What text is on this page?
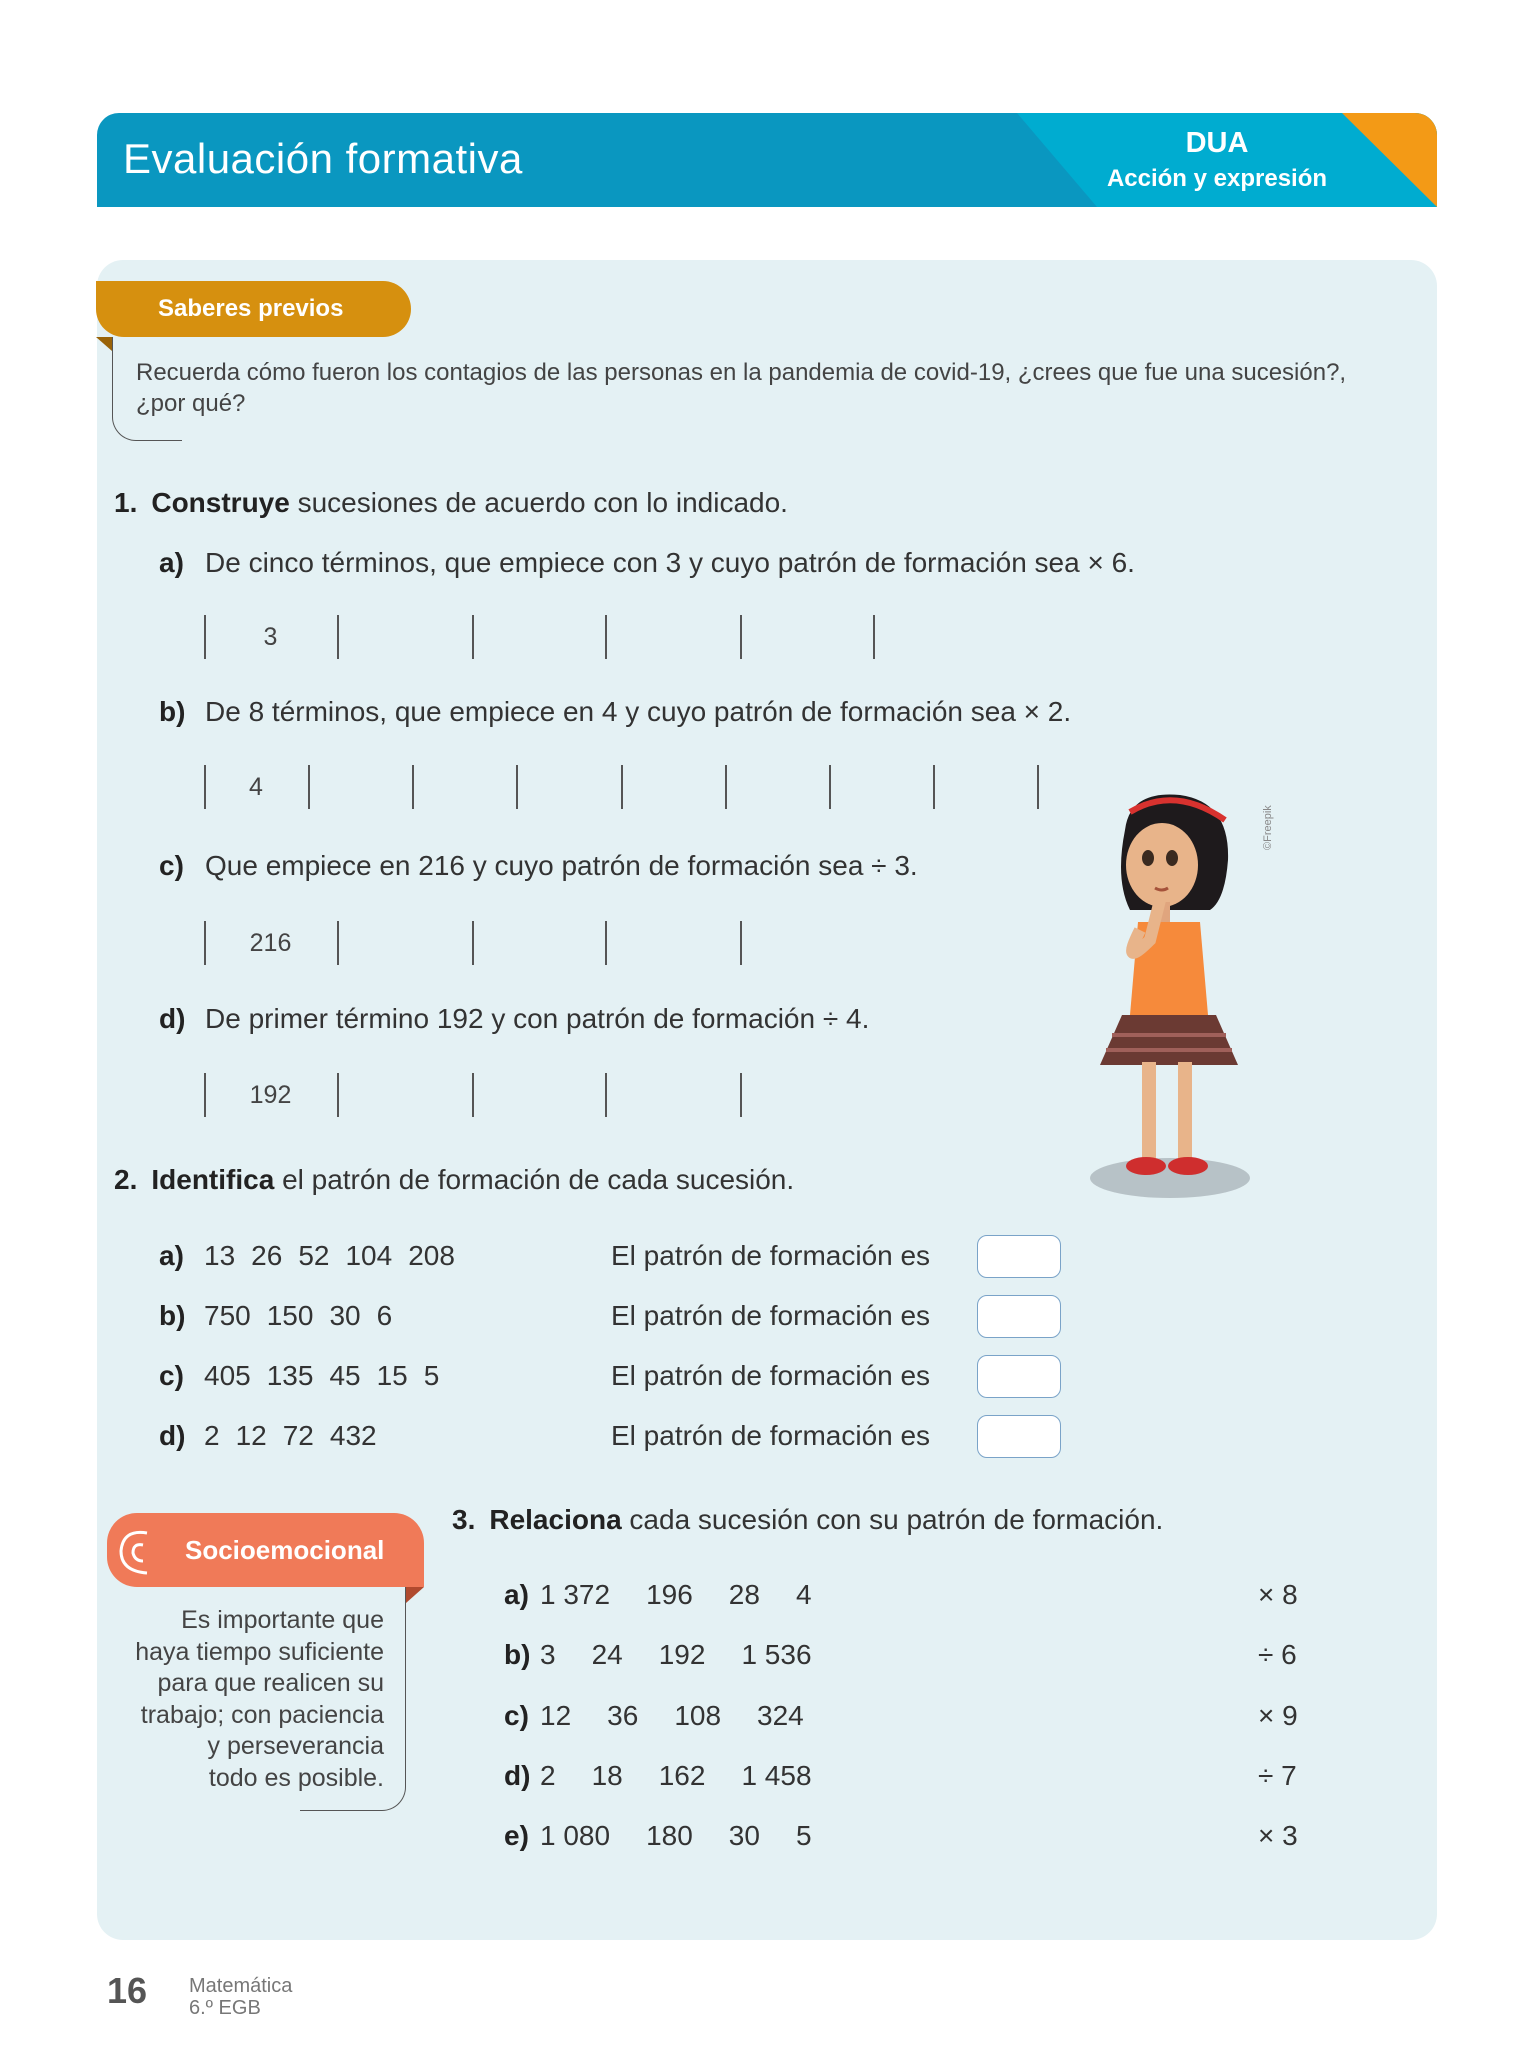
Evaluación formativa	DUA
Acción y expresión
Saberes previos
Recuerda cómo fueron los contagios de las personas en la pandemia de covid-19, ¿crees que fue una sucesión?,
¿por qué?
1. Construye sucesiones de acuerdo con lo indicado.
a) De cinco términos, que empiece con 3 y cuyo patrón de formación sea × 6.
3
b) De 8 términos, que empiece en 4 y cuyo patrón de formación sea × 2.
4
c) Que empiece en 216 y cuyo patrón de formación sea ÷ 3.
216
d) De primer término 192 y con patrón de formación ÷ 4.
192
©Freepik
2. Identifica el patrón de formación de cada sucesión.
a) 13 26 52 104 208	El patrón de formación es
b) 750 150 30 6	El patrón de formación es
c) 405 135 45 15 5	El patrón de formación es
d) 2 12 72 432	El patrón de formación es
Socioemocional
Es importante que
haya tiempo suficiente
para que realicen su
trabajo; con paciencia
y perseverancia
todo es posible.
3. Relaciona cada sucesión con su patrón de formación.
a) 1 372 196 28 4	× 8
b) 3 24 192 1 536	÷ 6
c) 12 36 108 324	× 9
d) 2 18 162 1 458	÷ 7
e) 1 080 180 30 5	× 3
16 Matemática
6.º EGB
